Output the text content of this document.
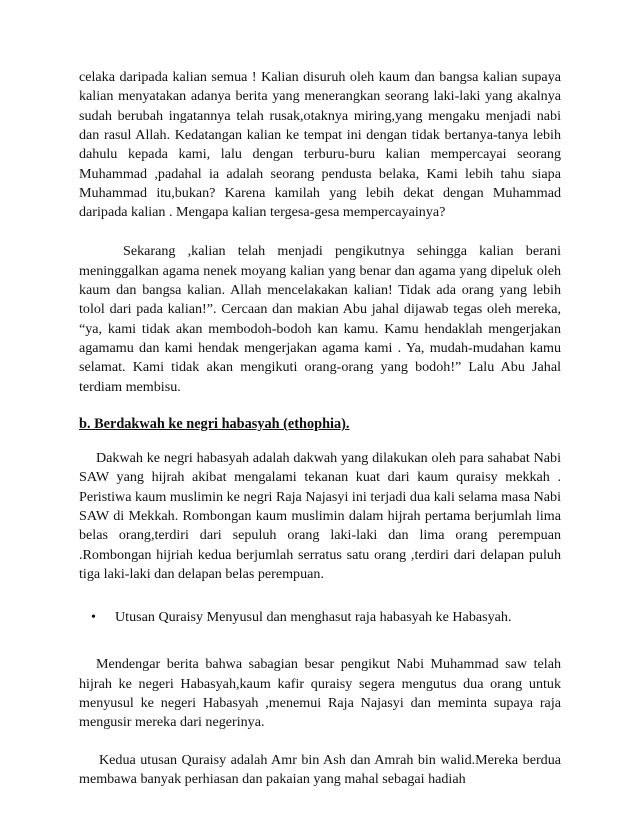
celaka daripada kalian semua ! Kalian disuruh oleh kaum dan bangsa kalian supaya kalian menyatakan adanya berita yang menerangkan seorang laki-laki yang akalnya sudah berubah ingatannya telah rusak,otaknya miring,yang mengaku menjadi nabi dan rasul Allah. Kedatangan kalian ke tempat ini dengan tidak bertanya-tanya lebih dahulu kepada kami, lalu dengan terburu-buru kalian mempercayai seorang Muhammad ,padahal ia adalah seorang pendusta belaka, Kami lebih tahu siapa Muhammad itu,bukan? Karena kamilah yang lebih dekat dengan Muhammad daripada kalian . Mengapa kalian tergesa-gesa mempercayainya?

Sekarang ,kalian telah menjadi pengikutnya sehingga kalian berani meninggalkan agama nenek moyang kalian yang benar dan agama yang dipeluk oleh kaum dan bangsa kalian. Allah mencelakakan kalian! Tidak ada orang yang lebih tolol dari pada kalian!”. Cercaan dan makian Abu jahal dijawab tegas oleh mereka, “ya, kami tidak akan membodoh-bodoh kan kamu. Kamu hendaklah mengerjakan agamamu dan kami hendak mengerjakan agama kami . Ya, mudah-mudahan kamu selamat. Kami tidak akan mengikuti orang-orang yang bodoh!” Lalu Abu Jahal terdiam membisu.

b. Berdakwah ke negri habasyah (ethophia).

Dakwah ke negri habasyah adalah dakwah yang dilakukan oleh para sahabat Nabi SAW yang hijrah akibat mengalami tekanan kuat dari kaum quraisy mekkah . Peristiwa kaum muslimin ke negri Raja Najasyi ini terjadi dua kali selama masa Nabi SAW di Mekkah. Rombongan kaum muslimin dalam hijrah pertama berjumlah lima belas orang,terdiri dari sepuluh orang laki-laki dan lima orang perempuan .Rombongan hijriah kedua berjumlah serratus satu orang ,terdiri dari delapan puluh tiga laki-laki dan delapan belas perempuan.

•	Utusan Quraisy Menyusul dan menghasut raja habasyah ke Habasyah.

Mendengar berita bahwa sabagian besar pengikut Nabi Muhammad saw telah hijrah ke negeri Habasyah,kaum kafir quraisy segera mengutus dua orang untuk menyusul ke negeri Habasyah ,menemui Raja Najasyi dan meminta supaya raja mengusir mereka dari negerinya.

Kedua utusan Quraisy adalah Amr bin Ash dan Amrah bin walid.Mereka berdua membawa banyak perhiasan dan pakaian yang mahal sebagai hadiah
